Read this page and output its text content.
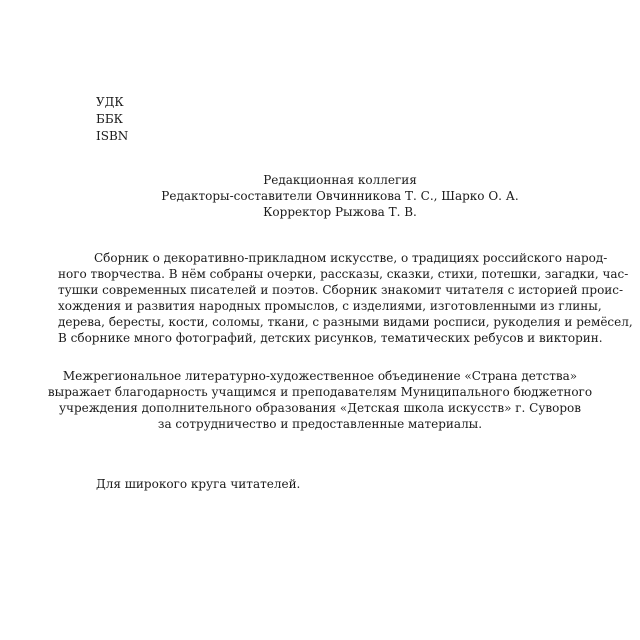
УДК
ББК
ISBN
Редакционная коллегия
Редакторы-составители Овчинникова Т. С., Шарко О. А.
Корректор Рыжова Т. В.
Сборник о декоративно-прикладном искусстве, о традициях российского народ-
ного творчества. В нём собраны очерки, рассказы, сказки, стихи, потешки, загадки, час-
тушки современных писателей и поэтов. Сборник знакомит читателя с историей проис-
хождения и развития народных промыслов, с изделиями, изготовленными из глины,
дерева, бересты, кости, соломы, ткани, с разными видами росписи, рукоделия и ремёсел,
В сборнике много фотографий, детских рисунков, тематических ребусов и викторин.
Межрегиональное литературно-художественное объединение «Страна детства»
выражает благодарность учащимся и преподавателям Муниципального бюджетного
учреждения дополнительного образования «Детская школа искусств» г. Суворов
за сотрудничество и предоставленные материалы.
Для широкого круга читателей.
